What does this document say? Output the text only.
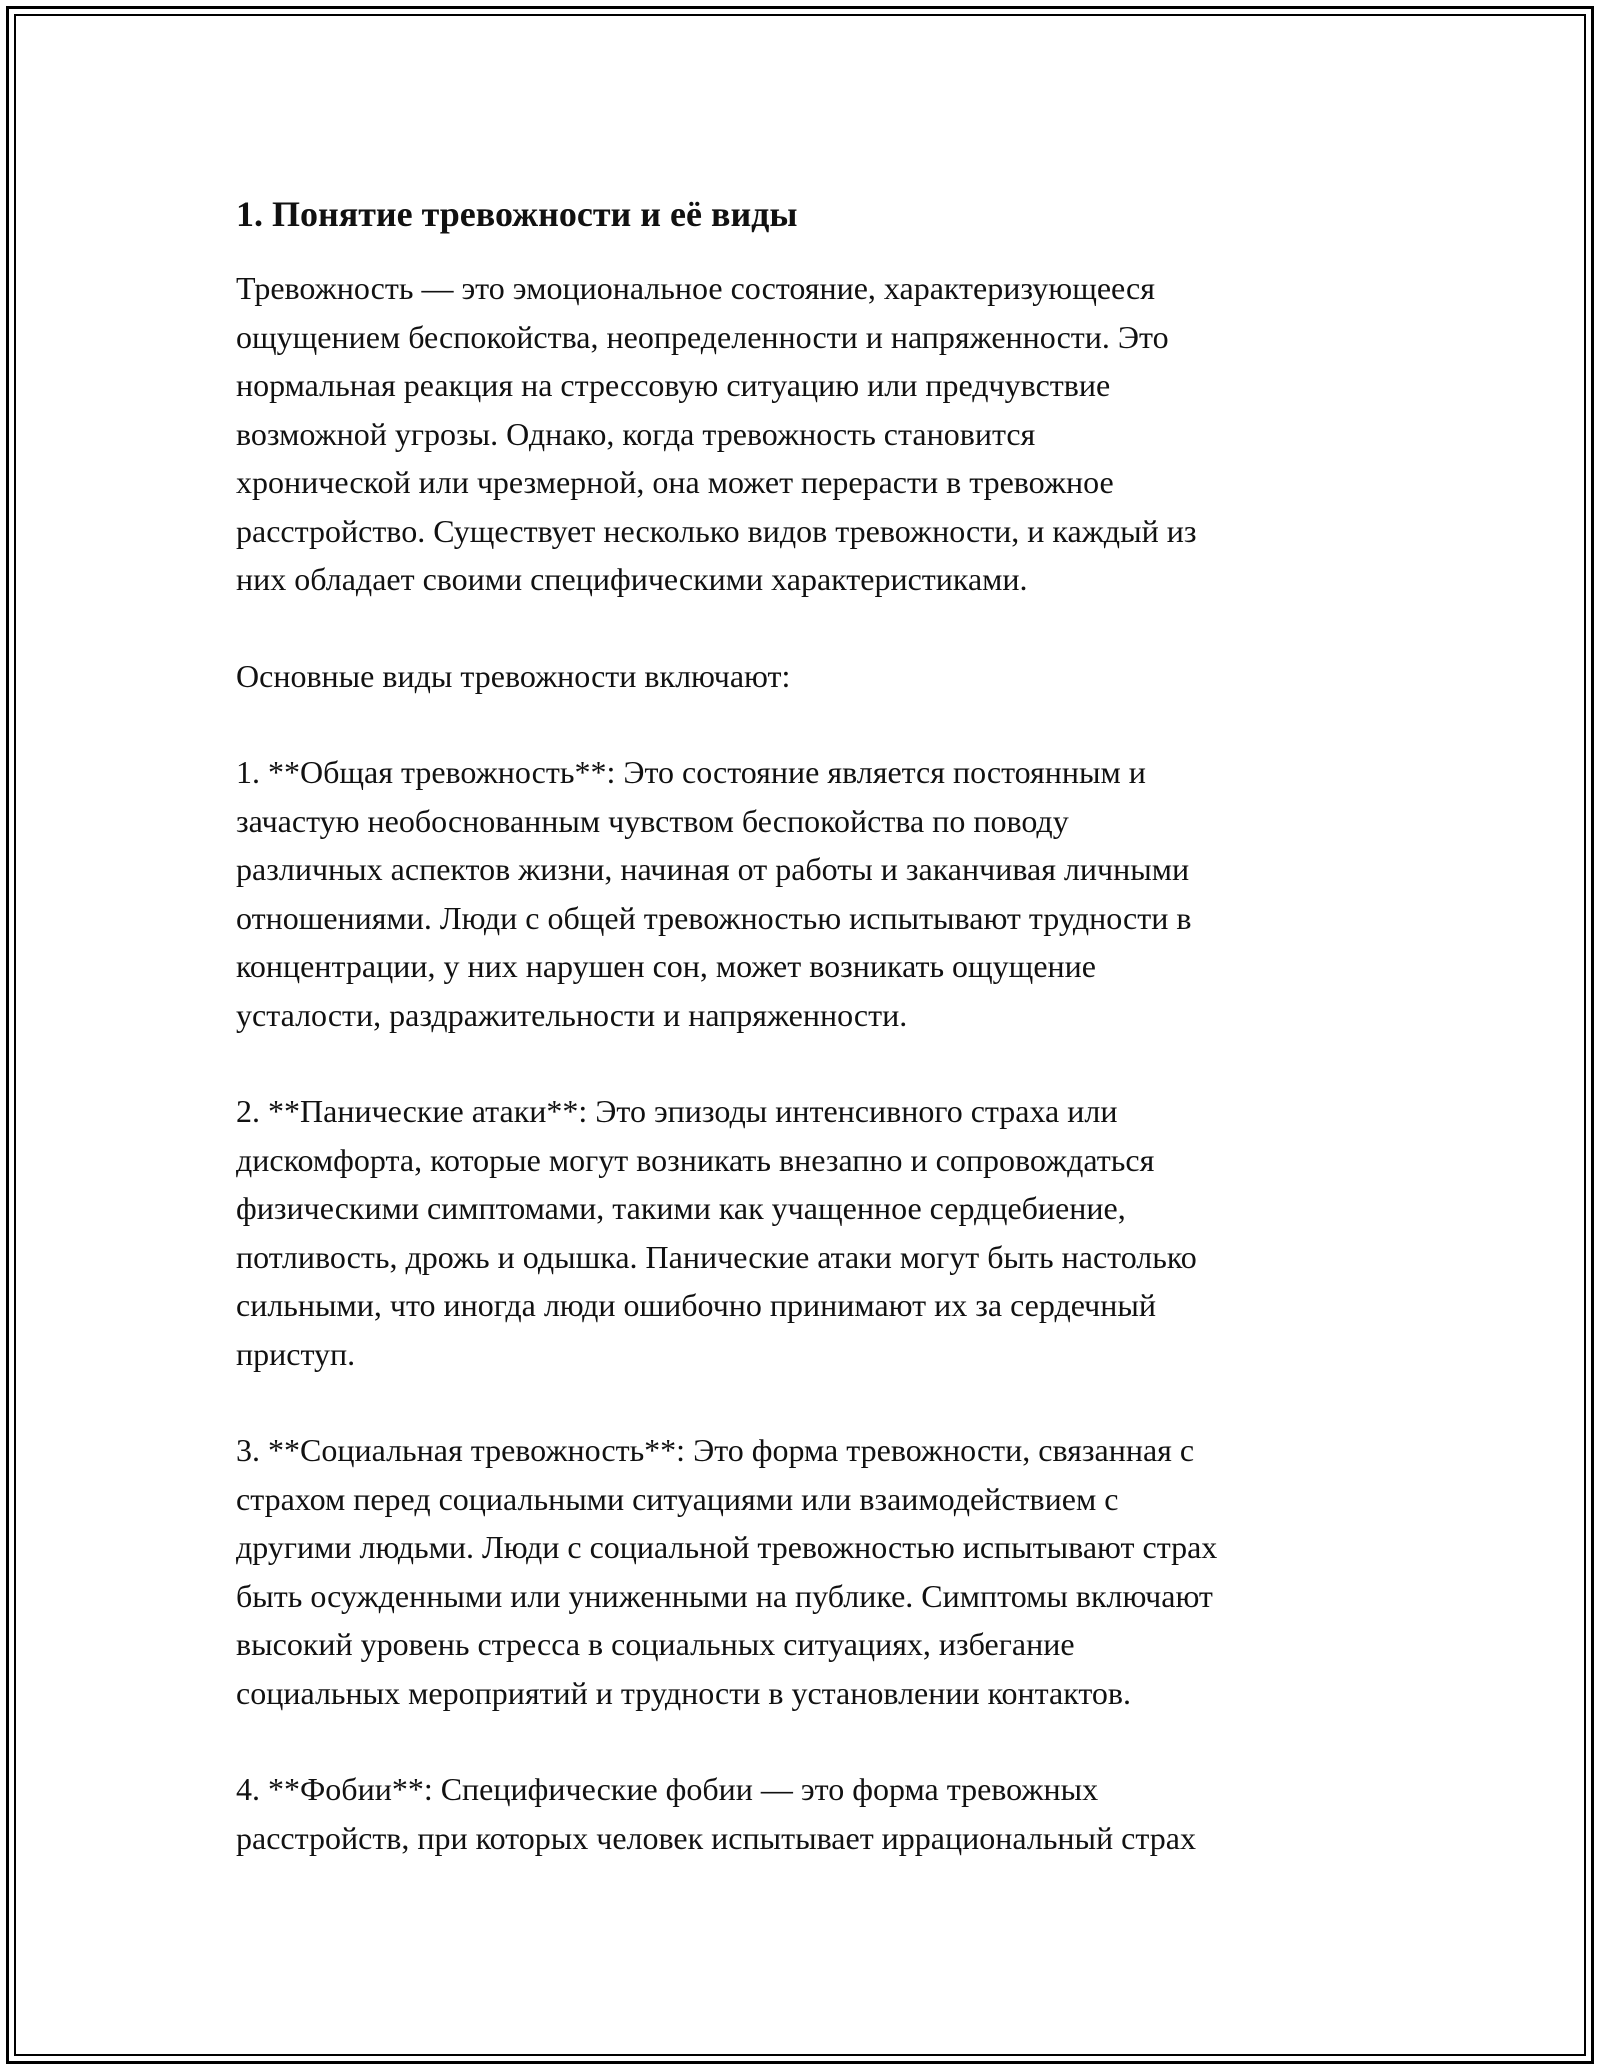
1. Понятие тревожности и её виды

Тревожность — это эмоциональное состояние, характеризующееся
ощущением беспокойства, неопределенности и напряженности. Это
нормальная реакция на стрессовую ситуацию или предчувствие
возможной угрозы. Однако, когда тревожность становится
хронической или чрезмерной, она может перерасти в тревожное
расстройство. Существует несколько видов тревожности, и каждый из
них обладает своими специфическими характеристиками.

Основные виды тревожности включают:

1. **Общая тревожность**: Это состояние является постоянным и
зачастую необоснованным чувством беспокойства по поводу
различных аспектов жизни, начиная от работы и заканчивая личными
отношениями. Люди с общей тревожностью испытывают трудности в
концентрации, у них нарушен сон, может возникать ощущение
усталости, раздражительности и напряженности.

2. **Панические атаки**: Это эпизоды интенсивного страха или
дискомфорта, которые могут возникать внезапно и сопровождаться
физическими симптомами, такими как учащенное сердцебиение,
потливость, дрожь и одышка. Панические атаки могут быть настолько
сильными, что иногда люди ошибочно принимают их за сердечный
приступ.

3. **Социальная тревожность**: Это форма тревожности, связанная с
страхом перед социальными ситуациями или взаимодействием с
другими людьми. Люди с социальной тревожностью испытывают страх
быть осужденными или униженными на публике. Симптомы включают
высокий уровень стресса в социальных ситуациях, избегание
социальных мероприятий и трудности в установлении контактов.

4. **Фобии**: Специфические фобии — это форма тревожных
расстройств, при которых человек испытывает иррациональный страх
